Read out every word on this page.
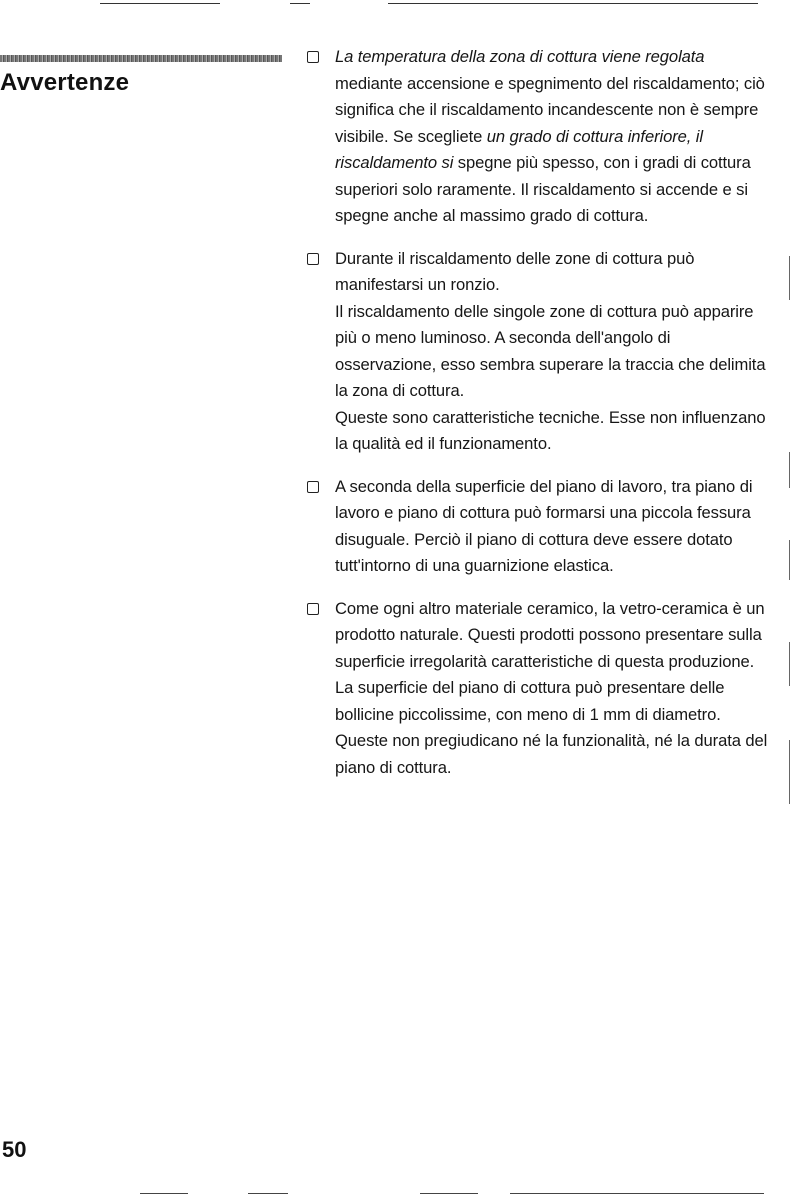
Avvertenze

La temperatura della zona di cottura viene regolata mediante accensione e spegnimento del riscaldamento; ciò significa che il riscaldamento incandescente non è sempre visibile. Se scegliete un grado di cottura inferiore, il riscaldamento si spegne più spesso, con i gradi di cottura superiori solo raramente. Il riscaldamento si accende e si spegne anche al massimo grado di cottura.

Durante il riscaldamento delle zone di cottura può manifestarsi un ronzio.

Il riscaldamento delle singole zone di cottura può apparire più o meno luminoso. A seconda dell'angolo di osservazione, esso sembra superare la traccia che delimita la zona di cottura.

Queste sono caratteristiche tecniche. Esse non influenzano la qualità ed il funzionamento.

A seconda della superficie del piano di lavoro, tra piano di lavoro e piano di cottura può formarsi una piccola fessura disuguale. Perciò il piano di cottura deve essere dotato tutt'intorno di una guarnizione elastica.

Come ogni altro materiale ceramico, la vetro-ceramica è un prodotto naturale. Questi prodotti possono presentare sulla superficie irregolarità caratteristiche di questa produzione. La superficie del piano di cottura può presentare delle bollicine piccolissime, con meno di 1 mm di diametro.

Queste non pregiudicano né la funzionalità, né la durata del piano di cottura.

50
